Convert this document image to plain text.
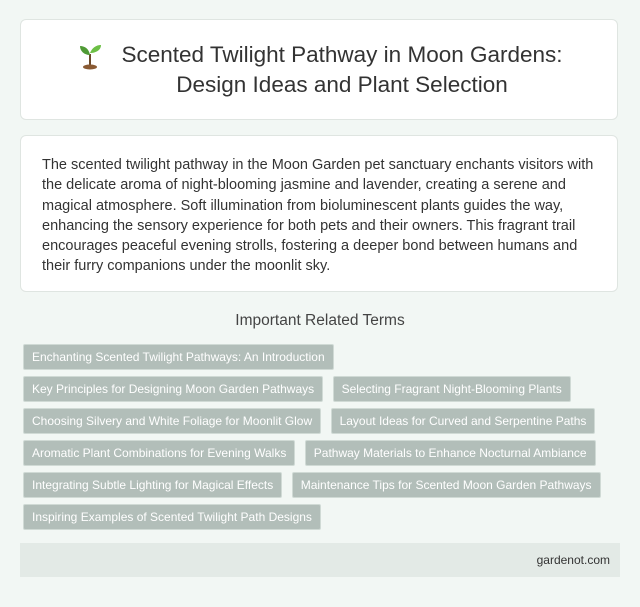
Scented Twilight Pathway in Moon Gardens:
Design Ideas and Plant Selection

The scented twilight pathway in the Moon Garden pet sanctuary enchants visitors with the delicate aroma of night-blooming jasmine and lavender, creating a serene and magical atmosphere. Soft illumination from bioluminescent plants guides the way, enhancing the sensory experience for both pets and their owners. This fragrant trail encourages peaceful evening strolls, fostering a deeper bond between humans and their furry companions under the moonlit sky.

Important Related Terms
Enchanting Scented Twilight Pathways: An Introduction
Key Principles for Designing Moon Garden Pathways Selecting Fragrant Night-Blooming Plants
Choosing Silvery and White Foliage for Moonlit Glow Layout Ideas for Curved and Serpentine Paths
Aromatic Plant Combinations for Evening Walks Pathway Materials to Enhance Nocturnal Ambiance
Integrating Subtle Lighting for Magical Effects Maintenance Tips for Scented Moon Garden Pathways
Inspiring Examples of Scented Twilight Path Designs
gardenot.com
